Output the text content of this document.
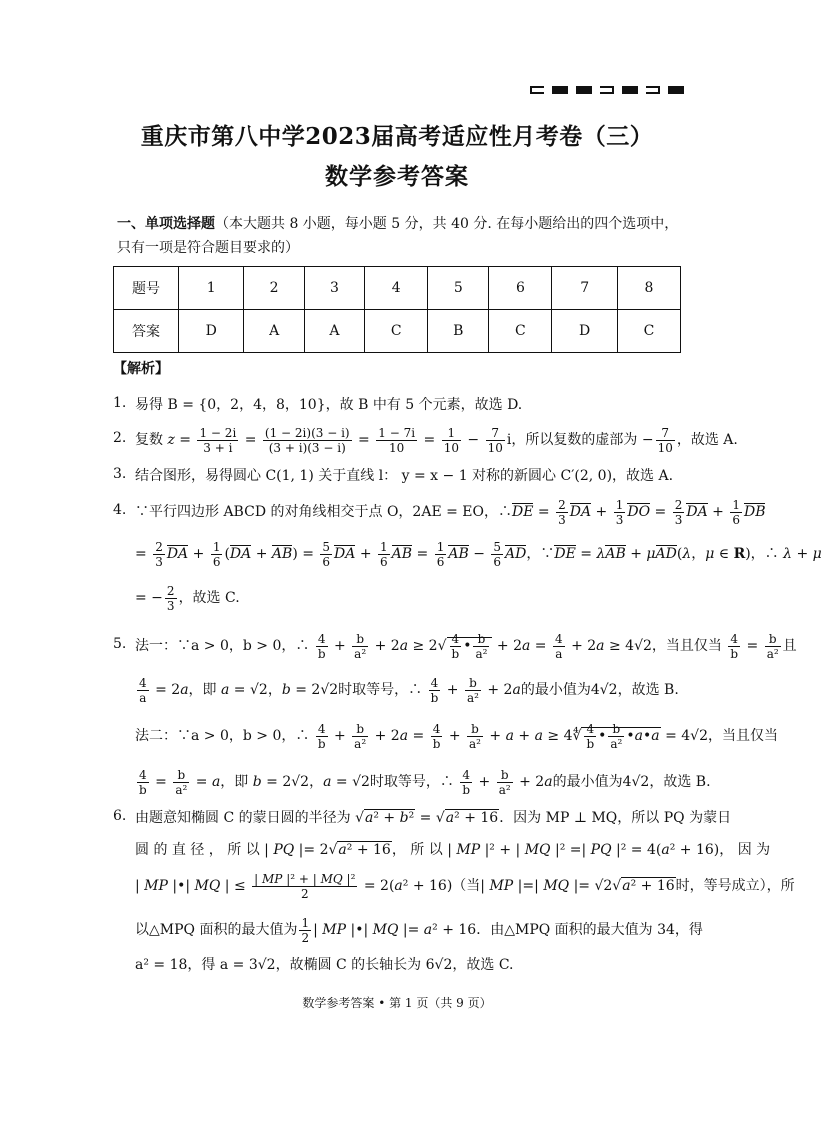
重庆市第八中学2023届高考适应性月考卷（三）
数学参考答案
一、单项选择题（本大题共 8 小题，每小题 5 分，共 40 分. 在每小题给出的四个选项中，只有一项是符合题目要求的）
题号	1	2	3	4	5	6	7	8
答案	D	A	A	C	B	C	D	C
【解析】
1. 易得 B = {0，2，4，8，10}，故 B 中有 5 个元素，故选 D.
2. 复数 $z = \frac{1 - 2i}{3 + i} = \frac{(1 - 2i)(3 - i)}{(3 + i)(3 - i)} = \frac{1 - 7i}{10} = \frac{1}{10} - \frac{7}{10}$ i，所以复数的虚部为 − $\frac{7}{10}$ ，故选 A.
3. 结合图形，易得圆心 C(1, 1) 关于直线 l： y = x − 1 对称的新圆心 C′(2, 0)，故选 A.
4. ∵平行四边形 ABCD 的对角线相交于点 O，2AE = EO，∴DE = $\frac{2}{3}$ DA + $\frac{1}{3}$ DO = $\frac{2}{3}$ DA + $\frac{1}{6}$ DB
= $\frac{2}{3}$ DA + $\frac{1}{6} (DA + AB) = \frac{5}{6}$ DA + $\frac{1}{6}$ AB = $\frac{1}{6}$ AB − $\frac{5}{6}$ AD，∵DE = λAB + μAD(λ，μ ∈ R)，∴ λ + μ
= − $\frac{2}{3}$ ，故选 C.
5. 法一：∵a > 0，b > 0，∴ $\frac{4}{b} + \frac{b}{\text{a²}} + 2a \ge 2√ \frac{4}{b}$ • $\frac{b}{\text{a²}} + 2a = \frac{4}{a} + 2a \ge 4√2$，当且仅当 $\frac{4}{b} = \frac{b}{\text{a²}}$ 且
$\frac{4}{a} = 2a$，即 a = √2，b = 2√2时取等号，∴ $\frac{4}{b} + \frac{b}{\text{a²}} + 2a$的最小值为4√2，故选 B.
法二：∵a > 0，b > 0，∴ $\frac{4}{b} + \frac{b}{\text{a²}} + 2a = \frac{4}{b} + \frac{b}{\text{a²}} + a + a$ ≥ 4∜ $\frac{4}{b}$ • $\frac{b}{\text{a²}}$ •a•a = 4√2，当且仅当
$\frac{4}{b} = \frac{b}{\text{a²}} = a$，即 b = 2√2，a = √2时取等号，∴ $\frac{4}{b} + \frac{b}{\text{a²}} + 2a$的最小值为4√2，故选 B.
6. 由题意知椭圆 C 的蒙日圆的半径为 √a² + b² = √a² + 16．因为 MP ⊥ MQ，所以 PQ 为蒙日
圆 的 直 径 ， 所 以 | PQ |= 2√a² + 16， 所 以 | MP |² + | MQ |² =| PQ |² = 4(a² + 16)， 因 为
| MP |•| MQ | ≤ $\frac{\text{| MP |² + | MQ |²}}{2} = 2(a^2 + 16)$（当| MP |=| MQ |= √2√a² + 16时，等号成立），所
以△MPQ 面积的最大值为 $\frac{1}{2}$ | MP |•| MQ |= a² + 16．由△MPQ 面积的最大值为 34，得
a² = 18，得 a = 3√2，故椭圆 C 的长轴长为 6√2，故选 C.
数学参考答案 • 第 1 页（共 9 页）
